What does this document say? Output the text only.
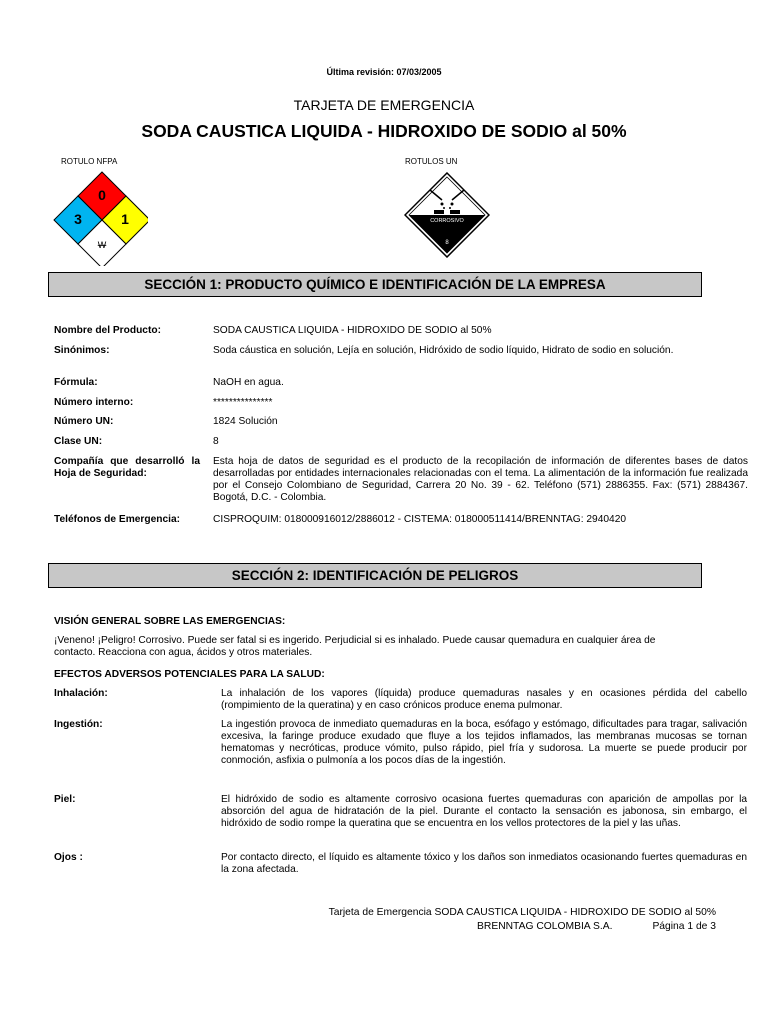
Última revisión: 07/03/2005
TARJETA DE EMERGENCIA
SODA CAUSTICA LIQUIDA - HIDROXIDO DE SODIO al 50%
ROTULO NFPA	ROTULOS UN
0
3	1
W
CORROSIVO
8
SECCIÓN 1: PRODUCTO QUÍMICO E IDENTIFICACIÓN DE LA EMPRESA
Nombre del Producto:	SODA CAUSTICA LIQUIDA - HIDROXIDO DE SODIO al 50%
Sinónimos:	Soda cáustica en solución, Lejía en solución, Hidróxido de sodio líquido, Hidrato de sodio en solución.
Fórmula:	NaOH en agua.
Número interno:	***************
Número UN:	1824 Solución
Clase UN:	8
Compañía que desarrolló la Hoja de Seguridad:
Esta hoja de datos de seguridad es el producto de la recopilación de información de diferentes bases de datos desarrolladas por entidades internacionales relacionadas con el tema. La alimentación de la información fue realizada por el Consejo Colombiano de Seguridad, Carrera 20 No. 39 - 62. Teléfono (571) 2886355. Fax: (571) 2884367. Bogotá, D.C. - Colombia.
Teléfonos de Emergencia:	CISPROQUIM: 018000916012/2886012 - CISTEMA: 018000511414/BRENNTAG: 2940420
SECCIÓN 2: IDENTIFICACIÓN DE PELIGROS
VISIÓN GENERAL SOBRE LAS EMERGENCIAS:
¡Veneno! ¡Peligro! Corrosivo. Puede ser fatal si es ingerido. Perjudicial si es inhalado. Puede causar quemadura en cualquier área de contacto. Reacciona con agua, ácidos y otros materiales.
EFECTOS ADVERSOS POTENCIALES PARA LA SALUD:
Inhalación:	La inhalación de los vapores (líquida) produce quemaduras nasales y en ocasiones pérdida del cabello (rompimiento de la queratina) y en caso crónicos produce enema pulmonar.
Ingestión:	La ingestión provoca de inmediato quemaduras en la boca, esófago y estómago, dificultades para tragar, salivación excesiva, la faringe produce exudado que fluye a los tejidos inflamados, las membranas mucosas se tornan hematomas y necróticas, produce vómito, pulso rápido, piel fría y sudorosa. La muerte se puede producir por conmoción, asfixia o pulmonía a los pocos días de la ingestión.
Piel:	El hidróxido de sodio es altamente corrosivo ocasiona fuertes quemaduras con aparición de ampollas por la absorción del agua de hidratación de la piel. Durante el contacto la sensación es jabonosa, sin embargo, el hidróxido de sodio rompe la queratina que se encuentra en los vellos protectores de la piel y las uñas.
Ojos :	Por contacto directo, el líquido es altamente tóxico y los daños son inmediatos ocasionando fuertes quemaduras en la zona afectada.
Tarjeta de Emergencia SODA CAUSTICA LIQUIDA - HIDROXIDO DE SODIO al 50%
BRENNTAG COLOMBIA S.A.	Página 1 de 3
